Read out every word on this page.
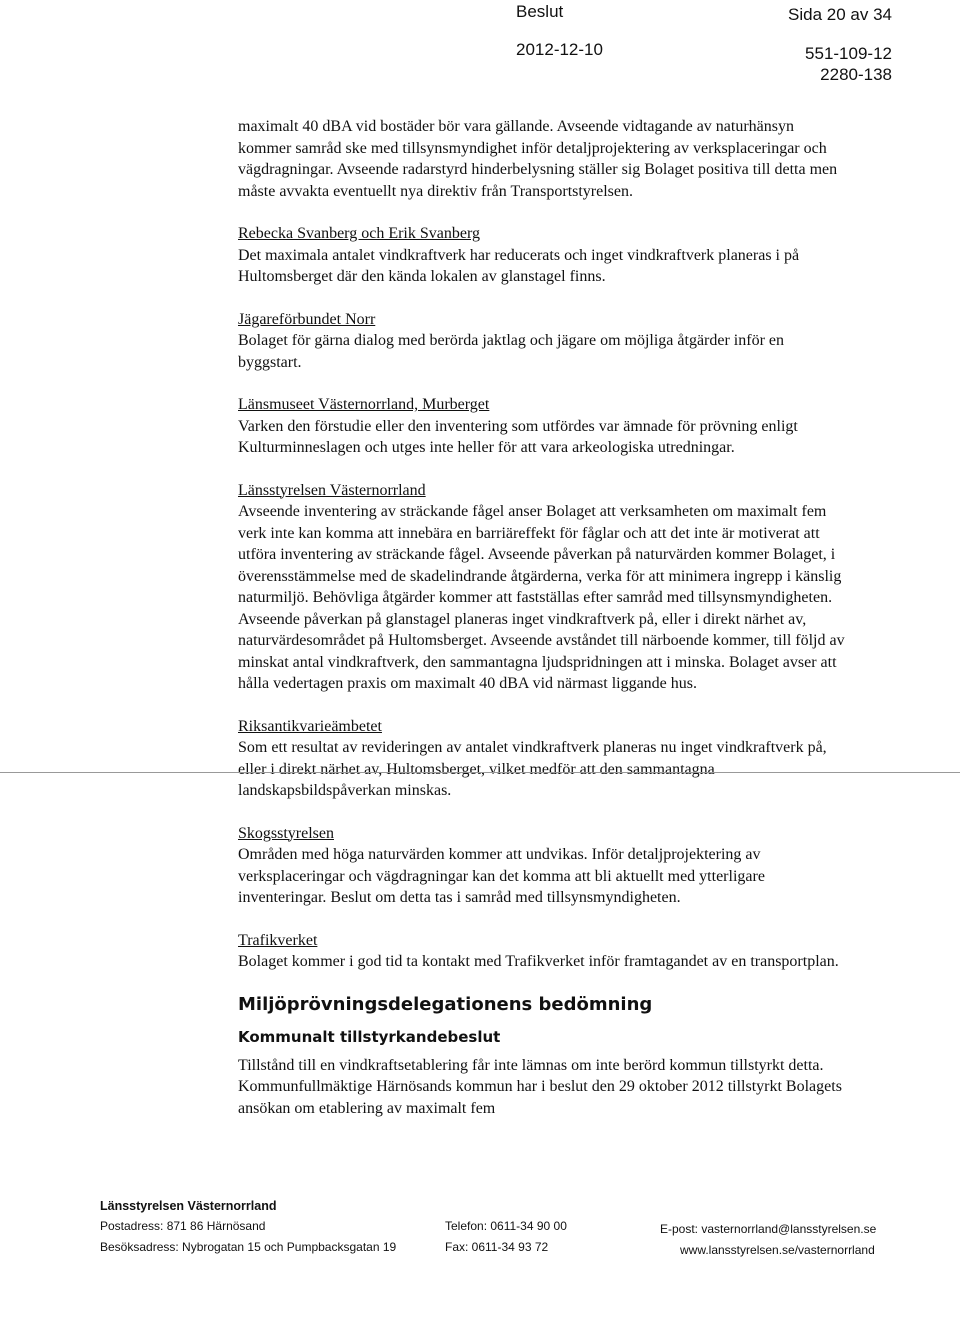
Beslut	Sida 20 av 34
2012-12-10	551-109-12
2280-138

maximalt 40 dBA vid bostäder bör vara gällande. Avseende vidtagande av naturhänsyn kommer samråd ske med tillsynsmyndighet inför detaljprojektering av verksplaceringar och vägdragningar. Avseende radarstyrd hinderbelysning ställer sig Bolaget positiva till detta men måste avvakta eventuellt nya direktiv från Transportstyrelsen.

Rebecka Svanberg och Erik Svanberg

Det maximala antalet vindkraftverk har reducerats och inget vindkraftverk planeras i på Hultomsberget där den kända lokalen av glanstagel finns.

Jägareförbundet Norr

Bolaget för gärna dialog med berörda jaktlag och jägare om möjliga åtgärder inför en byggstart.

Länsmuseet Västernorrland, Murberget

Varken den förstudie eller den inventering som utfördes var ämnade för prövning enligt Kulturminneslagen och utges inte heller för att vara arkeologiska utredningar.

Länsstyrelsen Västernorrland

Avseende inventering av sträckande fågel anser Bolaget att verksamheten om maximalt fem verk inte kan komma att innebära en barriäreffekt för fåglar och att det inte är motiverat att utföra inventering av sträckande fågel. Avseende påverkan på naturvärden kommer Bolaget, i överensstämmelse med de skadelindrande åtgärderna, verka för att minimera ingrepp i känslig naturmiljö. Behövliga åtgärder kommer att fastställas efter samråd med tillsynsmyndigheten. Avseende påverkan på glanstagel planeras inget vindkraftverk på, eller i direkt närhet av, naturvärdesområdet på Hultomsberget. Avseende avståndet till närboende kommer, till följd av minskat antal vindkraftverk, den sammantagna ljudspridningen att i minska. Bolaget avser att hålla vedertagen praxis om maximalt 40 dBA vid närmast liggande hus.

Riksantikvarieämbetet

Som ett resultat av revideringen av antalet vindkraftverk planeras nu inget vindkraftverk på, eller i direkt närhet av, Hultomsberget, vilket medför att den sammantagna landskapsbildspåverkan minskas.

Skogsstyrelsen

Områden med höga naturvärden kommer att undvikas. Inför detaljprojektering av verksplaceringar och vägdragningar kan det komma att bli aktuellt med ytterligare inventeringar. Beslut om detta tas i samråd med tillsynsmyndigheten.

Trafikverket

Bolaget kommer i god tid ta kontakt med Trafikverket inför framtagandet av en transportplan.

Miljöprövningsdelegationens bedömning
Kommunalt tillstyrkandebeslut

Tillstånd till en vindkraftsetablering får inte lämnas om inte berörd kommun tillstyrkt detta. Kommunfullmäktige Härnösands kommun har i beslut den 29 oktober 2012 tillstyrkt Bolagets ansökan om etablering av maximalt fem

Länsstyrelsen Västernorrland
Postadress: 871 86 Härnösand
Besöksadress: Nybrogatan 15 och Pumpbacksgatan 19
Telefon: 0611-34 90 00
Fax: 0611-34 93 72
E-post: vasternorrland@lansstyrelsen.se
www.lansstyrelsen.se/vasternorrland
